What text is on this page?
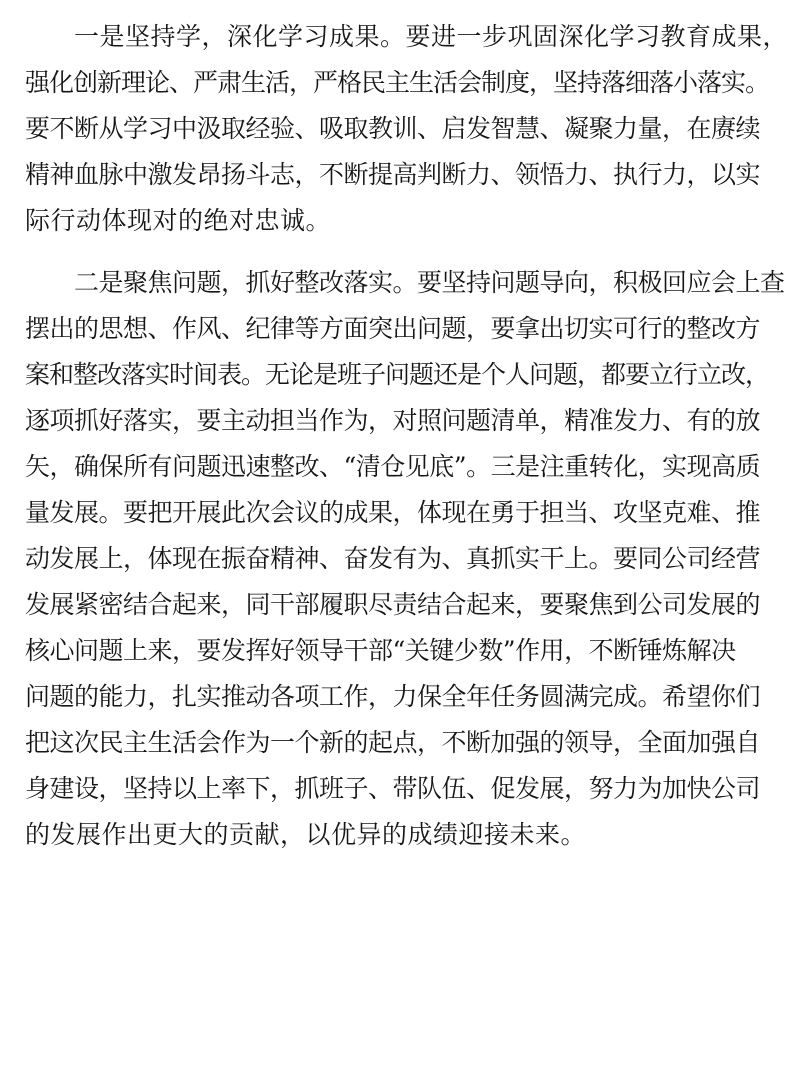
一是坚持学，深化学习成果。要进一步巩固深化学习教育成果，
强化创新理论、严肃生活，严格民主生活会制度，坚持落细落小落实。
要不断从学习中汲取经验、吸取教训、启发智慧、凝聚力量，在赓续
精神血脉中激发昂扬斗志，不断提高判断力、领悟力、执行力，以实
际行动体现对的绝对忠诚。
二是聚焦问题，抓好整改落实。要坚持问题导向，积极回应会上查
摆出的思想、作风、纪律等方面突出问题，要拿出切实可行的整改方
案和整改落实时间表。无论是班子问题还是个人问题，都要立行立改，
逐项抓好落实，要主动担当作为，对照问题清单，精准发力、有的放
矢，确保所有问题迅速整改、“清仓见底”。三是注重转化，实现高质
量发展。要把开展此次会议的成果，体现在勇于担当、攻坚克难、推
动发展上，体现在振奋精神、奋发有为、真抓实干上。要同公司经营
发展紧密结合起来，同干部履职尽责结合起来，要聚焦到公司发展的
核心问题上来，要发挥好领导干部“关键少数”作用，不断锤炼解决
问题的能力，扎实推动各项工作，力保全年任务圆满完成。希望你们
把这次民主生活会作为一个新的起点，不断加强的领导，全面加强自
身建设，坚持以上率下，抓班子、带队伍、促发展，努力为加快公司
的发展作出更大的贡献，以优异的成绩迎接未来。
